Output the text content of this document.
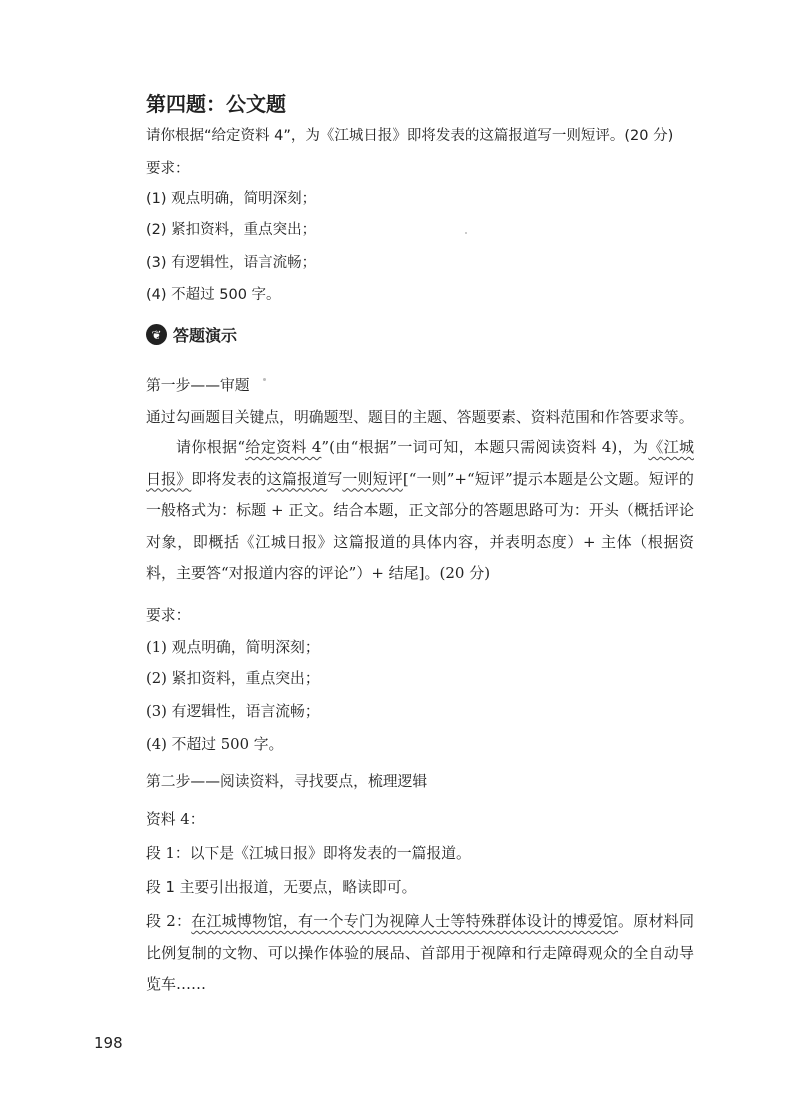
第四题：公文题
请你根据“给定资料 4”，为《江城日报》即将发表的这篇报道写一则短评。(20 分)
要求：
(1) 观点明确，简明深刻；
(2) 紧扣资料，重点突出；
(3) 有逻辑性，语言流畅；
(4) 不超过 500 字。
❦ 答题演示
第一步——审题
通过勾画题目关键点，明确题型、题目的主题、答题要素、资料范围和作答要求等。
请你根据“给定资料 4”(由“根据”一词可知，本题只需阅读资料 4)，为《江城日报》即将发表的这篇报道写一则短评[“一则”+“短评”提示本题是公文题。短评的一般格式为：标题 + 正文。结合本题，正文部分的答题思路可为：开头（概括评论对象，即概括《江城日报》这篇报道的具体内容，并表明态度）+ 主体（根据资料，主要答“对报道内容的评论”）+ 结尾]。(20 分)
要求：
(1) 观点明确，简明深刻；
(2) 紧扣资料，重点突出；
(3) 有逻辑性，语言流畅；
(4) 不超过 500 字。
第二步——阅读资料，寻找要点，梳理逻辑
资料 4：
段 1：以下是《江城日报》即将发表的一篇报道。
段 1 主要引出报道，无要点，略读即可。
段 2：在江城博物馆，有一个专门为视障人士等特殊群体设计的博爱馆。原材料同比例复制的文物、可以操作体验的展品、首部用于视障和行走障碍观众的全自动导览车……
198
